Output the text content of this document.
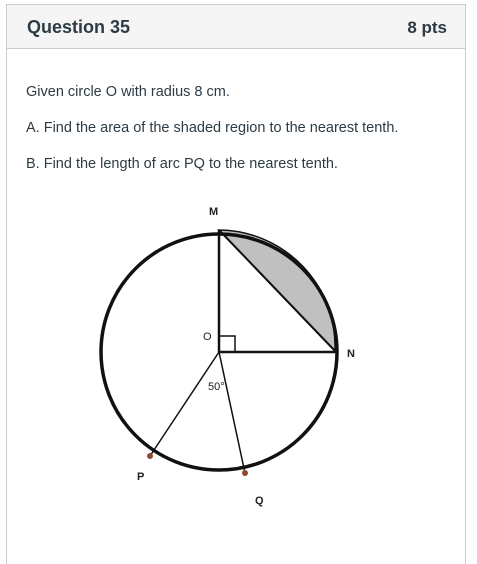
Question 35	8 pts
Given circle O with radius 8 cm.
A. Find the area of the shaded region to the nearest tenth.
B. Find the length of arc PQ to the nearest tenth.
M
N
O
P
Q
50°
